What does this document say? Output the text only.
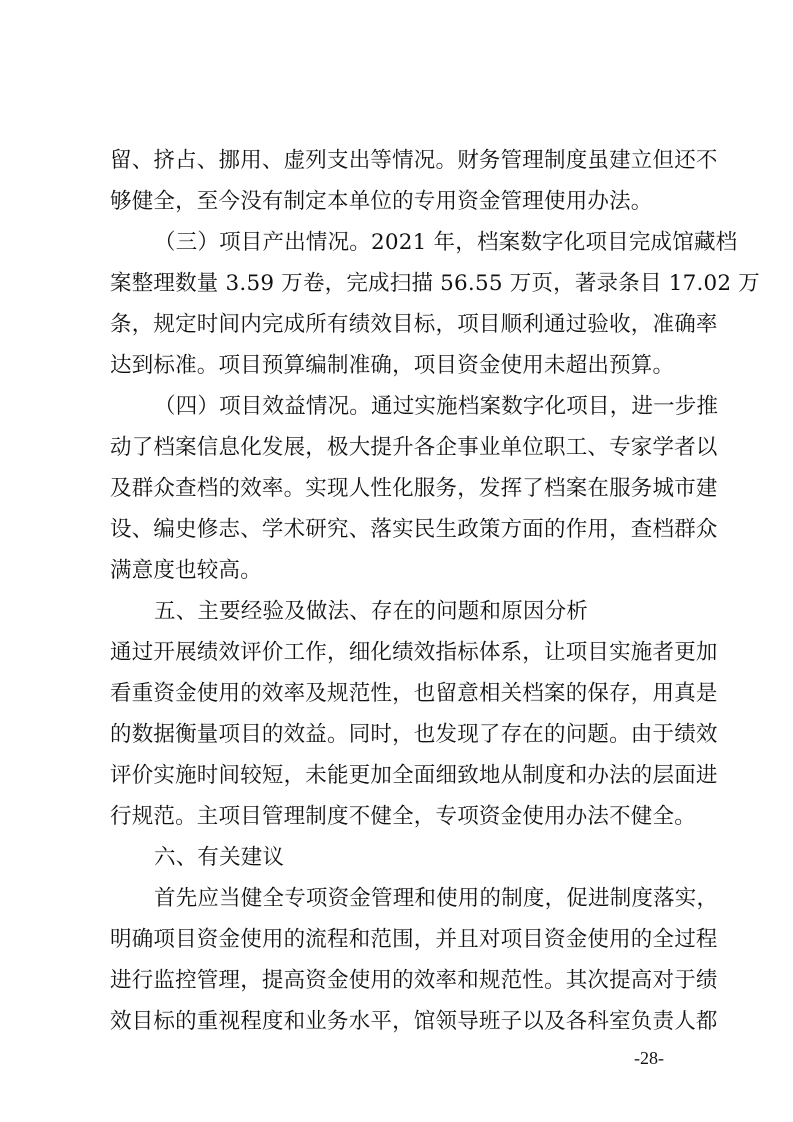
留、挤占、挪用、虚列支出等情况。财务管理制度虽建立但还不
够健全，至今没有制定本单位的专用资金管理使用办法。
（三）项目产出情况。2021 年，档案数字化项目完成馆藏档
案整理数量 3.59 万卷，完成扫描 56.55 万页，著录条目 17.02 万
条，规定时间内完成所有绩效目标，项目顺利通过验收，准确率
达到标准。项目预算编制准确，项目资金使用未超出预算。
（四）项目效益情况。通过实施档案数字化项目，进一步推
动了档案信息化发展，极大提升各企事业单位职工、专家学者以
及群众查档的效率。实现人性化服务，发挥了档案在服务城市建
设、编史修志、学术研究、落实民生政策方面的作用，查档群众
满意度也较高。
五、主要经验及做法、存在的问题和原因分析
通过开展绩效评价工作，细化绩效指标体系，让项目实施者更加
看重资金使用的效率及规范性，也留意相关档案的保存，用真是
的数据衡量项目的效益。同时，也发现了存在的问题。由于绩效
评价实施时间较短，未能更加全面细致地从制度和办法的层面进
行规范。主项目管理制度不健全，专项资金使用办法不健全。
六、有关建议
首先应当健全专项资金管理和使用的制度，促进制度落实，
明确项目资金使用的流程和范围，并且对项目资金使用的全过程
进行监控管理，提高资金使用的效率和规范性。其次提高对于绩
效目标的重视程度和业务水平，馆领导班子以及各科室负责人都
-28-
